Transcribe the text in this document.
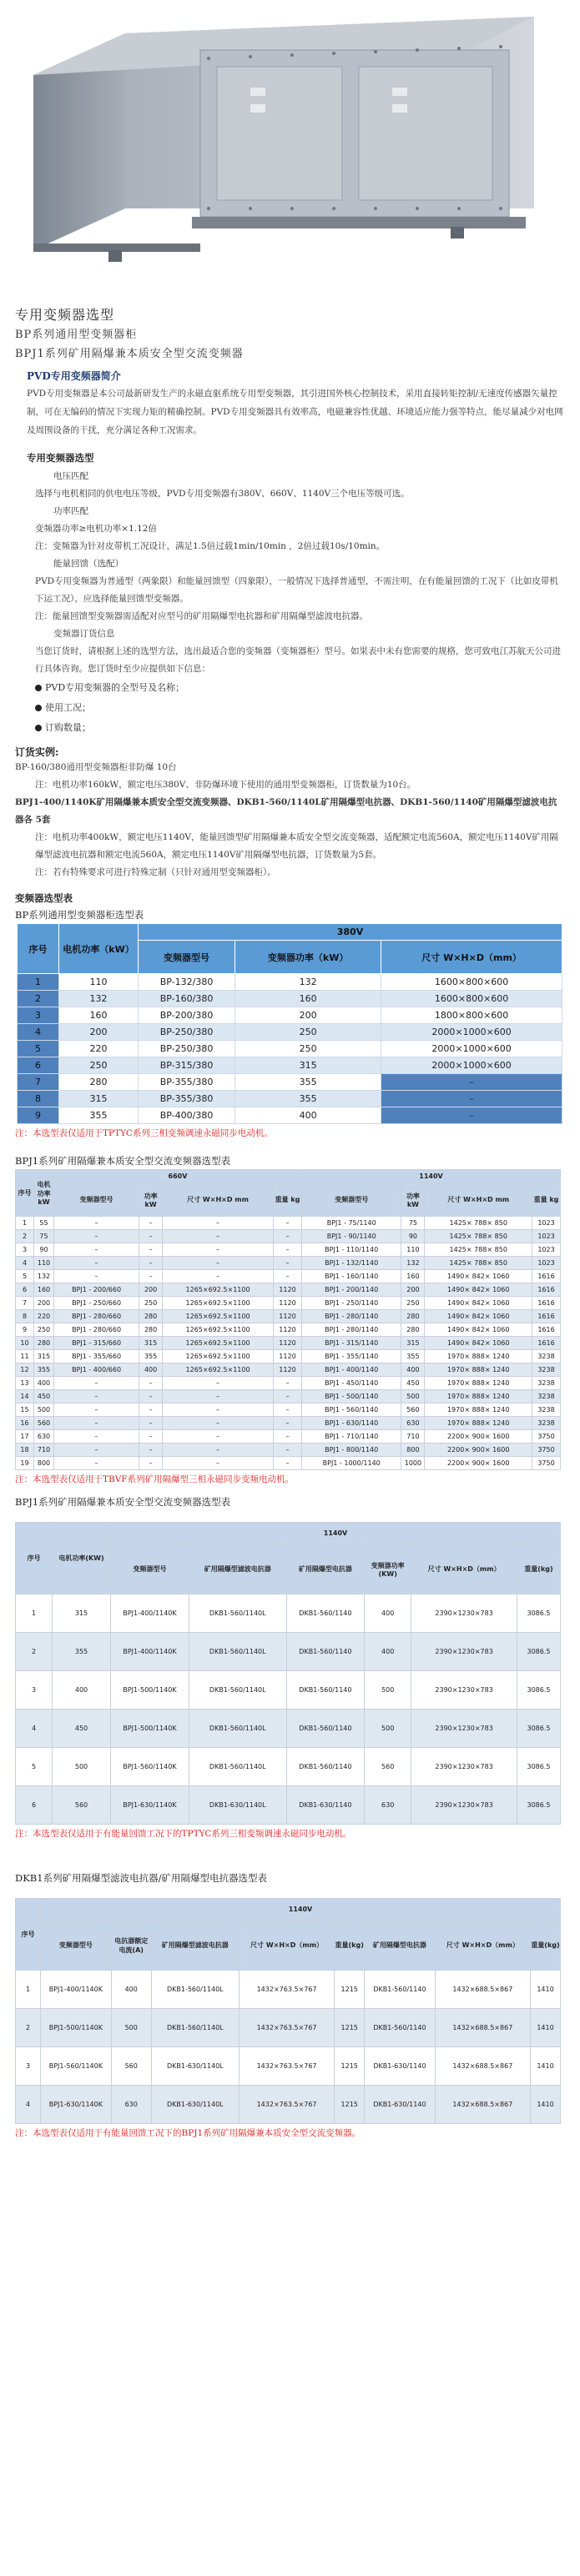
专用变频器选型
BP系列通用型变频器柜
BPJ1系列矿用隔爆兼本质安全型交流变频器
PVD专用变频器简介

PVD专用变频器是本公司最新研发生产的永磁直驱系统专用型变频器，其引进国外核心控制技术，采用直接转矩控制/无速度传感器矢量控制，可在无编码的情况下实现力矩的精确控制。PVD专用变频器具有效率高，电磁兼容性优越、环境适应能力强等特点，能尽量减少对电网及周围设备的干扰，充分满足各种工况需求。

专用变频器选型

电压匹配

选择与电机相同的供电电压等级，PVD专用变频器有380V、660V、1140V三个电压等级可选。

功率匹配

变频器功率≥电机功率×1.12倍

注：变频器为针对皮带机工况设计，满足1.5倍过载1min/10min ，2倍过载10s/10min。

能量回馈（选配）

PVD专用变频器为普通型（两象限）和能量回馈型（四象限），一般情况下选择普通型，不需注明，在有能量回馈的工况下（比如皮带机下运工况），应选择能量回馈型变频器。

注：能量回馈型变频器需适配对应型号的矿用隔爆型电抗器和矿用隔爆型滤波电抗器。

变频器订货信息

当您订货时，请根据上述的选型方法，选出最适合您的变频器（变频器柜）型号。如果表中未有您需要的规格，您可致电江苏航天公司进行具体咨询。您订货时至少应提供如下信息：

PVD专用变频器的全型号及名称；
使用工况；
订购数量；
订货实例:

BP-160/380通用型变频器柜非防爆 10台

注：电机功率160kW，额定电压380V、非防爆环境下使用的通用型变频器柜，订货数量为10台。

BPJ1-400/1140K矿用隔爆兼本质安全型交流变频器、DKB1-560/1140L矿用隔爆型电抗器、DKB1-560/1140矿用隔爆型滤波电抗器各 5套

注：电机功率400kW，额定电压1140V，能量回馈型矿用隔爆兼本质安全型交流变频器，适配额定电流560A，额定电压1140V矿用隔爆型滤波电抗器和额定电流560A，额定电压1140V矿用隔爆型电抗器，订货数量为5套。

注：若有特殊要求可进行特殊定制（只针对通用型变频器柜）。

变频器选型表
BP系列通用型变频器柜选型表
序号	电机功率（kW）	380V		
		变频器型号	变频器功率（kW）	尺寸 W×H×D（mm）
1	110	BP-132/380	132	1600×800×600
2	132	BP-160/380	160	1600×800×600
3	160	BP-200/380	200	1800×800×600
4	200	BP-250/380	250	2000×1000×600
5	220	BP-250/380	250	2000×1000×600
6	250	BP-315/380	315	2000×1000×600
7	280	BP-355/380	355	–
8	315	BP-355/380	355	–
9	355	BP-400/380	400	–
注：本选型表仅适用于TPTYC系列三相变频调速永磁同步电动机。
BPJ1系列矿用隔爆兼本质安全型交流变频器选型表
序号	电机功率kW	660V				1140V			
		变频器型号	功率kW	尺寸 W×H×D mm	重量 kg	变频器型号	功率kW	尺寸 W×H×D mm	重量 kg
1	55	–	–	–	–	BPJ1 - 75/1140	75	1425× 788× 850	1023
2	75	–	–	–	–	BPJ1 - 90/1140	90	1425× 788× 850	1023
3	90	–	–	–	–	BPJ1 - 110/1140	110	1425× 788× 850	1023
4	110	–	–	–	–	BPJ1 - 132/1140	132	1425× 788× 850	1023
5	132	–	–	–	–	BPJ1 - 160/1140	160	1490× 842× 1060	1616
6	160	BPJ1 - 200/660	200	1265×692.5×1100	1120	BPJ1 - 200/1140	200	1490× 842× 1060	1616
7	200	BPJ1 - 250/660	250	1265×692.5×1100	1120	BPJ1 - 250/1140	250	1490× 842× 1060	1616
8	220	BPJ1 - 280/660	280	1265×692.5×1100	1120	BPJ1 - 280/1140	280	1490× 842× 1060	1616
9	250	BPJ1 - 280/660	280	1265×692.5×1100	1120	BPJ1 - 280/1140	280	1490× 842× 1060	1616
10	280	BPJ1 - 315/660	315	1265×692.5×1100	1120	BPJ1 - 315/1140	315	1490× 842× 1060	1616
11	315	BPJ1 - 355/660	355	1265×692.5×1100	1120	BPJ1 - 355/1140	355	1970× 888× 1240	3238
12	355	BPJ1 - 400/660	400	1265×692.5×1100	1120	BPJ1 - 400/1140	400	1970× 888× 1240	3238
13	400	–	–	–	–	BPJ1 - 450/1140	450	1970× 888× 1240	3238
14	450	–	–	–	–	BPJ1 - 500/1140	500	1970× 888× 1240	3238
15	500	–	–	–	–	BPJ1 - 560/1140	560	1970× 888× 1240	3238
16	560	–	–	–	–	BPJ1 - 630/1140	630	1970× 888× 1240	3238
17	630	–	–	–	–	BPJ1 - 710/1140	710	2200× 900× 1600	3750
18	710	–	–	–	–	BPJ1 - 800/1140	800	2200× 900× 1600	3750
19	800	–	–	–	–	BPJ1 - 1000/1140	1000	2200× 900× 1600	3750
注：本选型表仅适用于TBVF系列矿用隔爆型三相永磁同步变频电动机。
BPJ1系列矿用隔爆兼本质安全型交流变频器选型表
序号	电机功率(KW)	1140V					
		变频器型号	矿用隔爆型滤波电抗器	矿用隔爆型电抗器	变频器功率(KW)	尺寸 W×H×D（mm）	重量(kg)
1	315	BPJ1-400/1140K	DKB1-560/1140L	DKB1-560/1140	400	2390×1230×783	3086.5
2	355	BPJ1-400/1140K	DKB1-560/1140L	DKB1-560/1140	400	2390×1230×783	3086.5
3	400	BPJ1-500/1140K	DKB1-560/1140L	DKB1-560/1140	500	2390×1230×783	3086.5
4	450	BPJ1-500/1140K	DKB1-560/1140L	DKB1-560/1140	500	2390×1230×783	3086.5
5	500	BPJ1-560/1140K	DKB1-560/1140L	DKB1-560/1140	560	2390×1230×783	3086.5
6	560	BPJ1-630/1140K	DKB1-630/1140L	DKB1-630/1140	630	2390×1230×783	3086.5
注：本选型表仅适用于有能量回馈工况下的TPTYC系列三相变频调速永磁同步电动机。
DKB1系列矿用隔爆型滤波电抗器/矿用隔爆型电抗器选型表
序号	1140V							
	变频器型号	电抗器额定电流(A)	矿用隔爆型滤波电抗器	尺寸 W×H×D（mm）	重量(kg)	矿用隔爆型电抗器	尺寸 W×H×D（mm）	重量(kg)
1	BPJ1-400/1140K	400	DKB1-560/1140L	1432×763.5×767	1215	DKB1-560/1140	1432×688.5×867	1410
2	BPJ1-500/1140K	500	DKB1-560/1140L	1432×763.5×767	1215	DKB1-560/1140	1432×688.5×867	1410
3	BPJ1-560/1140K	560	DKB1-630/1140L	1432×763.5×767	1215	DKB1-630/1140	1432×688.5×867	1410
4	BPJ1-630/1140K	630	DKB1-630/1140L	1432×763.5×767	1215	DKB1-630/1140	1432×688.5×867	1410
注：本选型表仅适用于有能量回馈工况下的BPJ1系列矿用隔爆兼本质安全型交流变频器。
